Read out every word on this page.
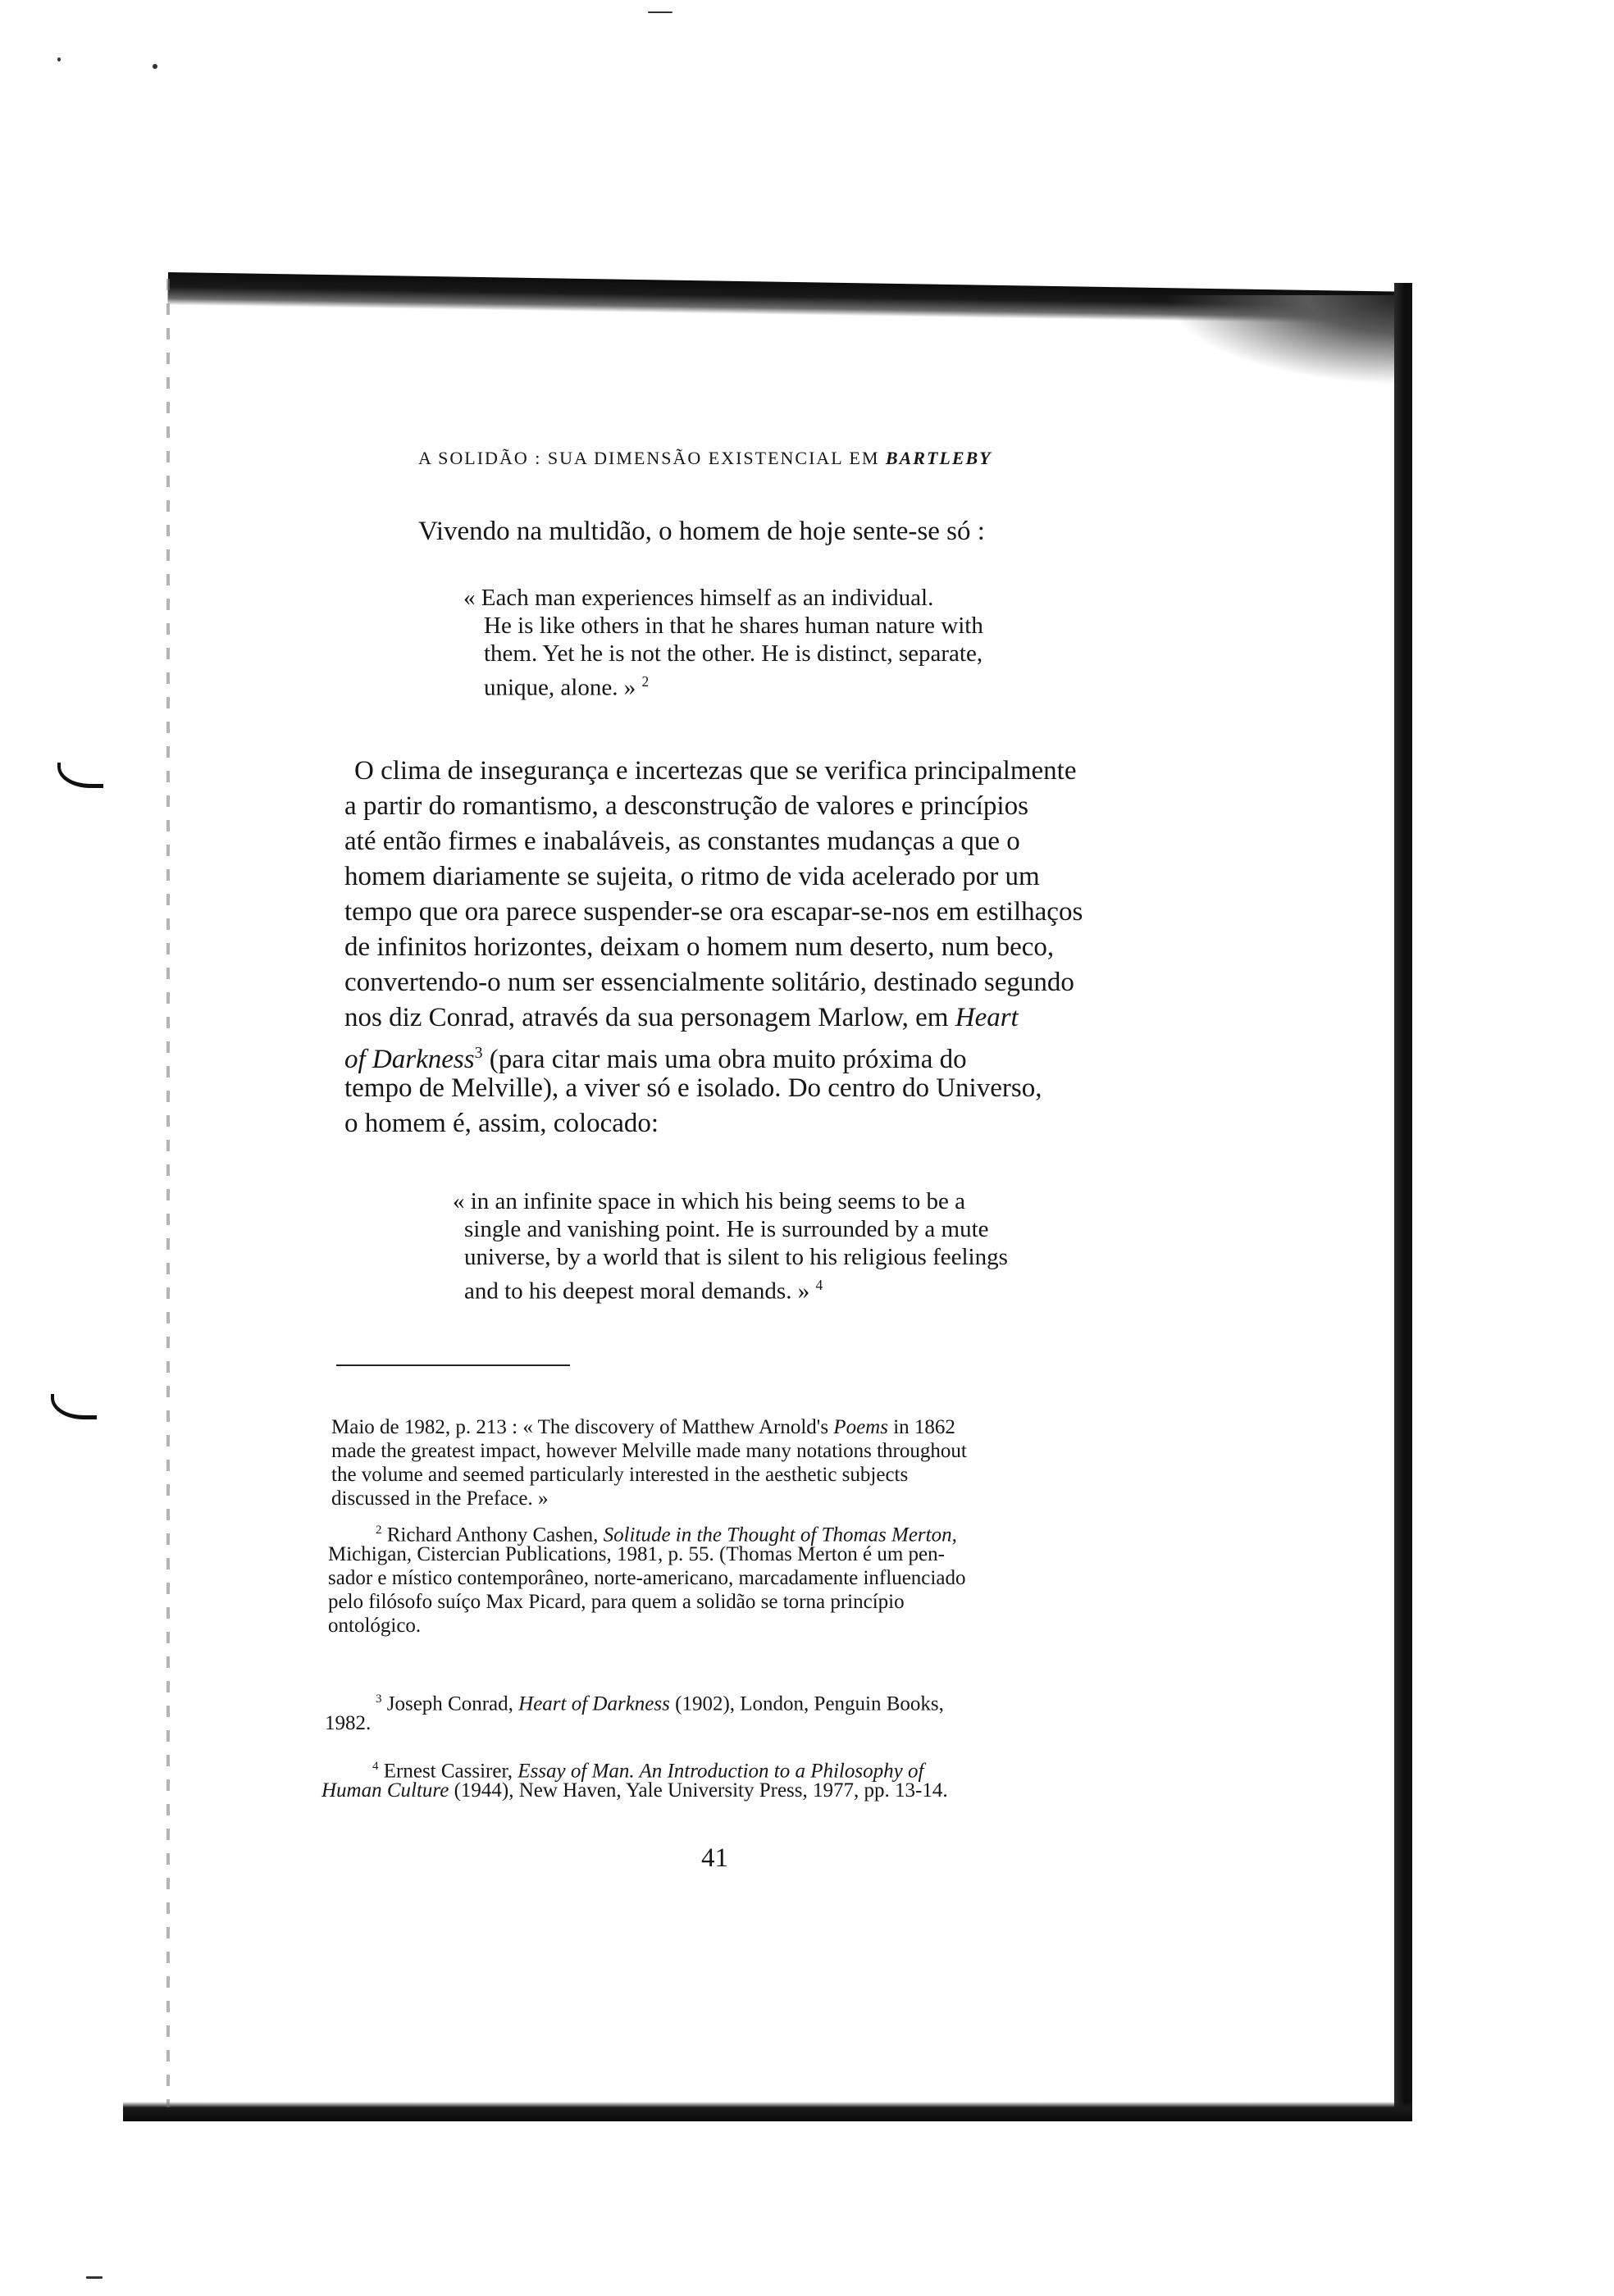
A SOLIDÃO : SUA DIMENSÃO EXISTENCIAL EM BARTLEBY
Vivendo na multidão, o homem de hoje sente-se só :
« Each man experiences himself as an individual.
He is like others in that he shares human nature with
them. Yet he is not the other. He is distinct, separate,
unique, alone. » $^2$
O clima de insegurança e incertezas que se verifica principalmente
a partir do romantismo, a desconstrução de valores e princípios
até então firmes e inabaláveis, as constantes mudanças a que o
homem diariamente se sujeita, o ritmo de vida acelerado por um
tempo que ora parece suspender-se ora escapar-se-nos em estilhaços
de infinitos horizontes, deixam o homem num deserto, num beco,
convertendo-o num ser essencialmente solitário, destinado segundo
nos diz Conrad, através da sua personagem Marlow, em Heart
of Darkness$^3$ (para citar mais uma obra muito próxima do
tempo de Melville), a viver só e isolado. Do centro do Universo,
o homem é, assim, colocado:
« in an infinite space in which his being seems to be a
single and vanishing point. He is surrounded by a mute
universe, by a world that is silent to his religious feelings
and to his deepest moral demands. » $^4$
Maio de 1982, p. 213 : « The discovery of Matthew Arnold's Poems in 1862
made the greatest impact, however Melville made many notations throughout
the volume and seemed particularly interested in the aesthetic subjects
discussed in the Preface. »
$^2$ Richard Anthony Cashen, Solitude in the Thought of Thomas Merton,
Michigan, Cistercian Publications, 1981, p. 55. (Thomas Merton é um pen-
sador e místico contemporâneo, norte-americano, marcadamente influenciado
pelo filósofo suíço Max Picard, para quem a solidão se torna princípio
ontológico.
$^3$ Joseph Conrad, Heart of Darkness (1902), London, Penguin Books,
1982.
$^4$ Ernest Cassirer, Essay of Man. An Introduction to a Philosophy of
Human Culture (1944), New Haven, Yale University Press, 1977, pp. 13-14.
41
